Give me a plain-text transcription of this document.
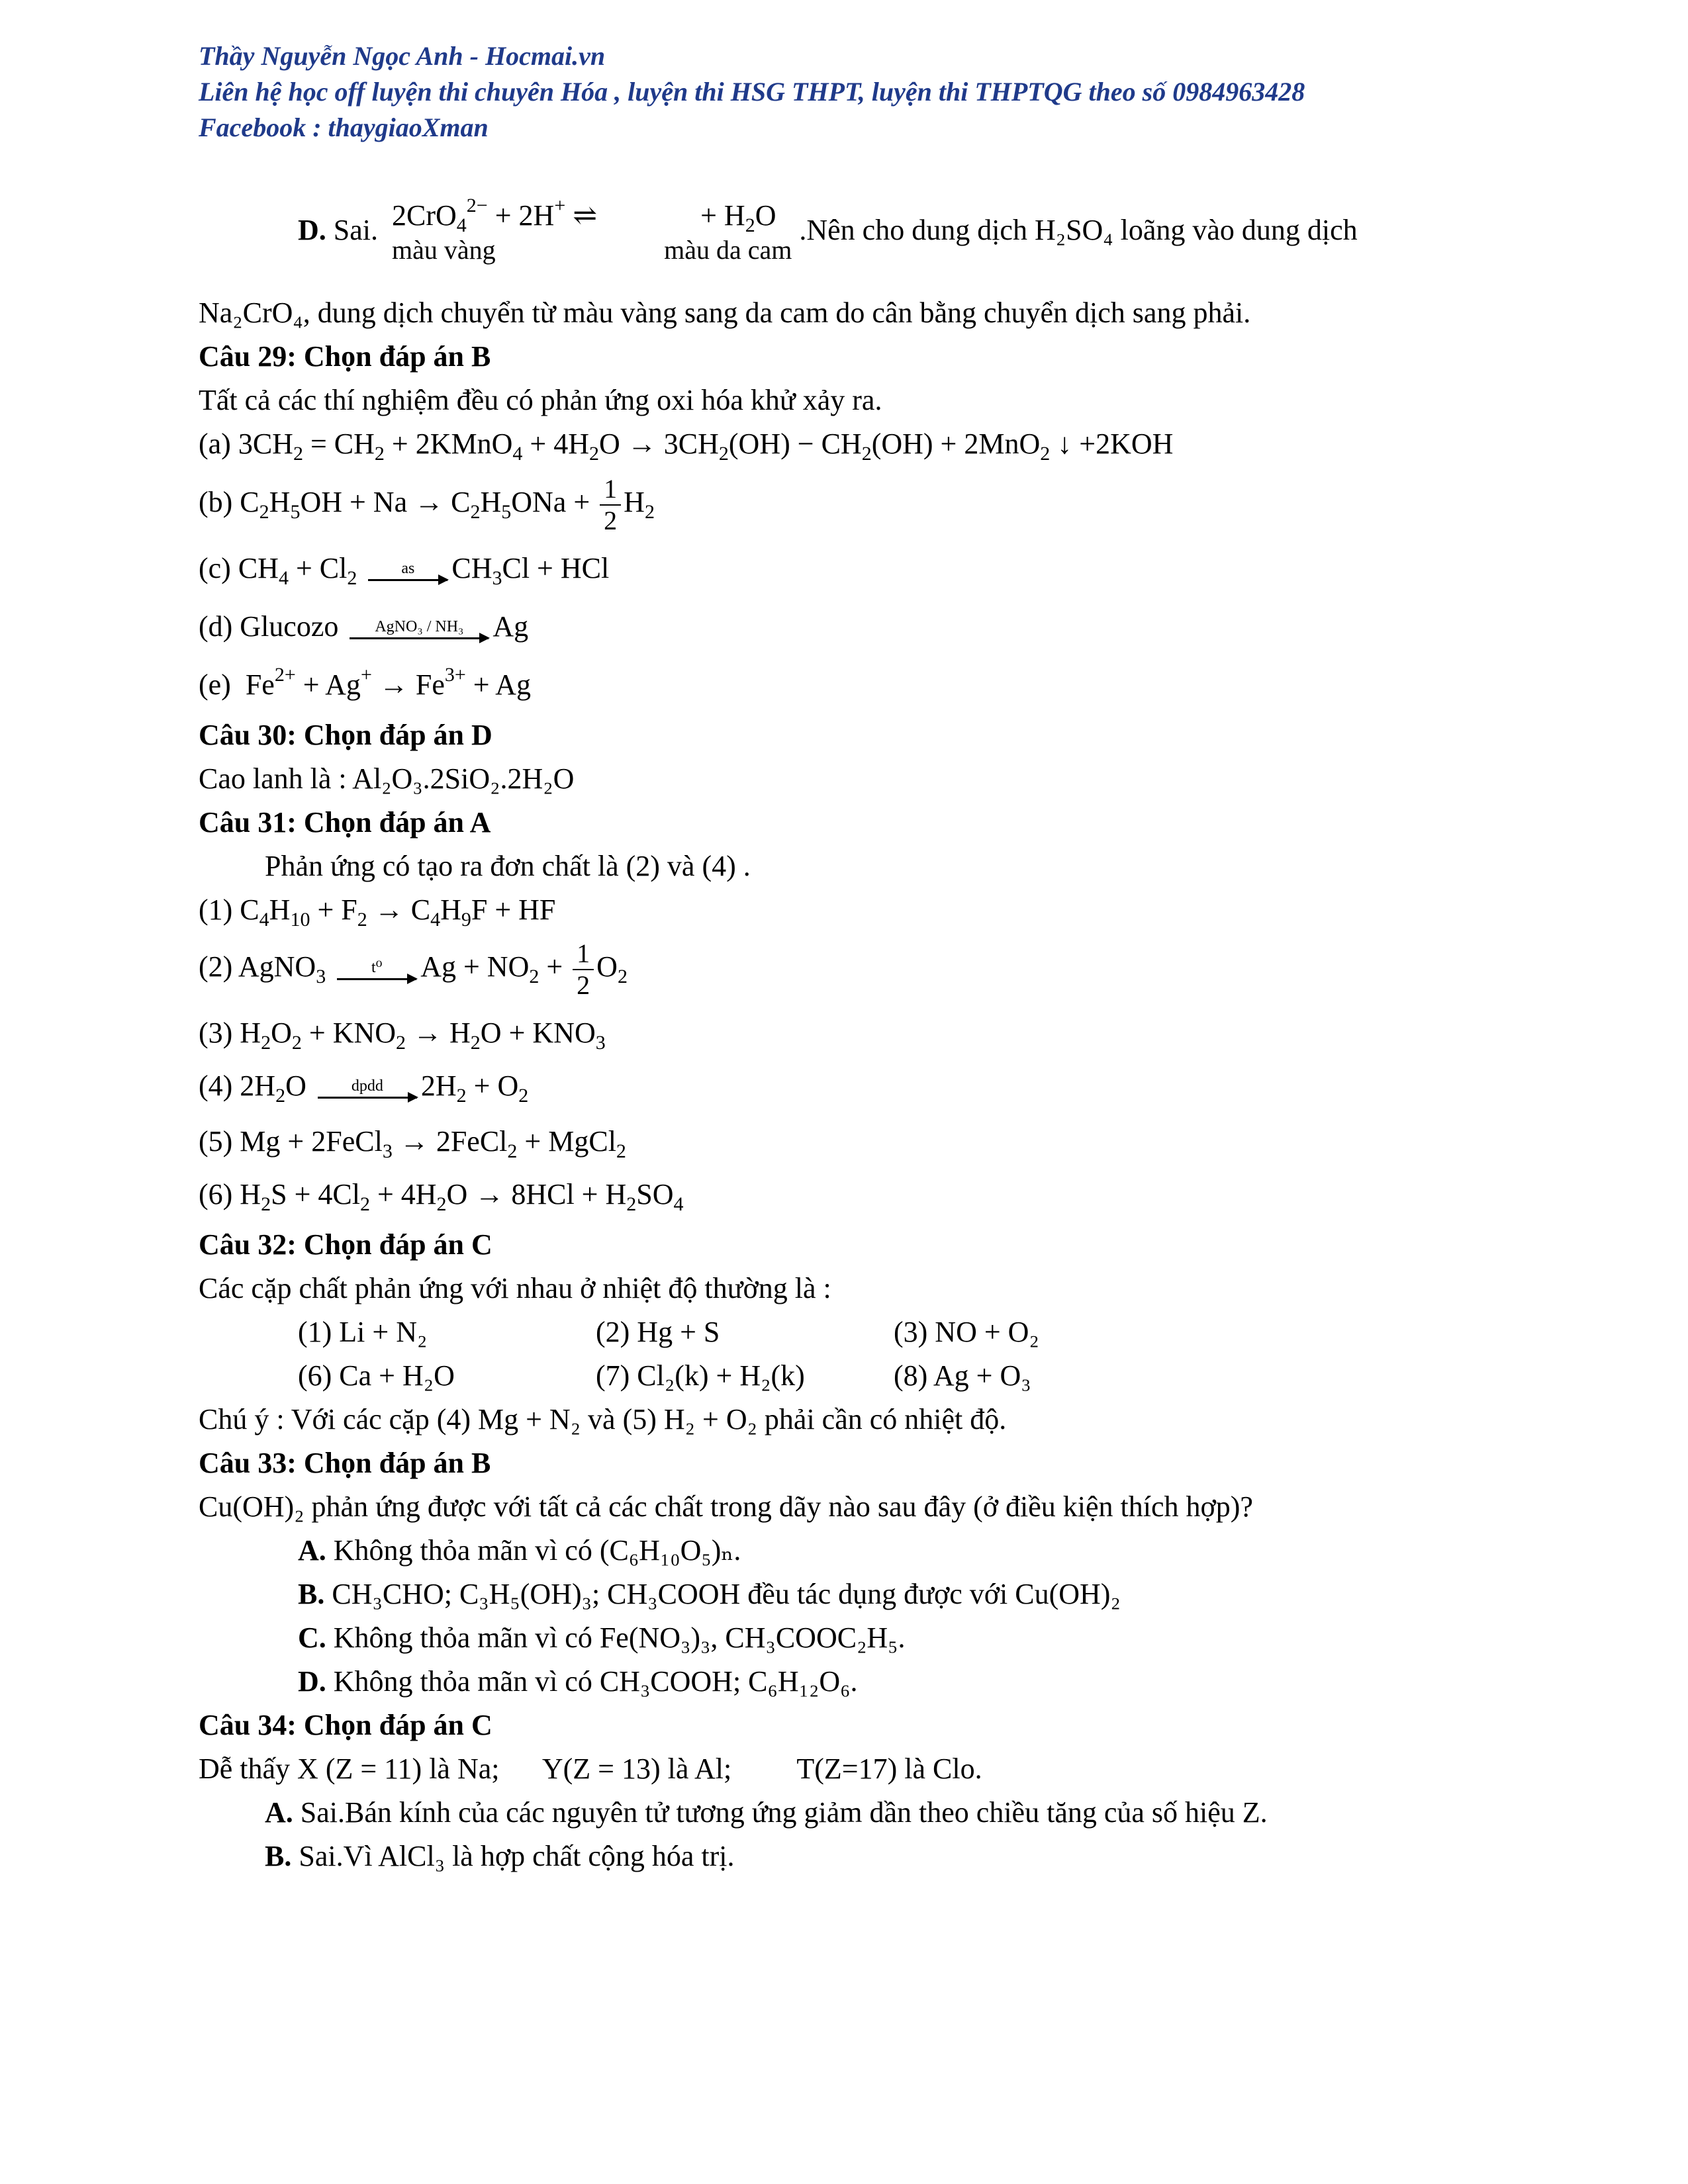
Thầy Nguyễn Ngọc Anh - Hocmai.vn
Liên hệ học off luyện thi chuyên Hóa , luyện thi HSG THPT, luyện thi THPTQG theo số 0984963428
Facebook : thaygiaoXman
D. Sai. 2CrO$_4^{2-}$ + 2H+ ⇌
màu vàng

+ $H_2O$
màu da cam
.Nên cho dung dịch H₂SO₄ loãng vào dung dịch
Na₂CrO₄, dung dịch chuyển từ màu vàng sang da cam do cân bằng chuyển dịch sang phải.
Câu 29: Chọn đáp án B
Tất cả các thí nghiệm đều có phản ứng oxi hóa khử xảy ra.
(a) $3CH_2 = CH_2$ + 2KMnO$_4$ + $4H_2O \to 3CH_2(OH) - CH_2(OH) + 2MnO_2$ ↓ +2KOH
(b) $C_2H_5OH + Na \to C_2H_5ONa + \frac{1}{2} H_2$
(c) $CH_4 + Cl_2$	as $CH_3Cl$ + HCl
(d) Glucozo AgNO₃ / NH₃ Ag
(e)  $Fe^{2+} + Ag^+ \to Fe^{3+} + Ag$
Câu 30: Chọn đáp án D
Cao lanh là : Al₂O₃.2SiO₂.2H₂O
Câu 31: Chọn đáp án A
Phản ứng có tạo ra đơn chất là (2) và (4) .
(1) $C_4H_{10} + F_2 \to C_4H_9F$ + HF
(2) AgNO$_3$	t⁰ $Ag + NO_2 + \frac{1}{2} O_2$
(3) $H_2O_2 + KNO_2 \to H_2O + KNO_3$
(4) $2H_2O$ dpdd $2H_2 + O_2$
(5) Mg + 2FeCl$_3$ → 2FeCl$_2$ + MgCl$_2$
(6) $H_2S + 4Cl_2 + 4H_2O \to 8HCl + H_2SO_4$
Câu 32: Chọn đáp án C
Các cặp chất phản ứng với nhau ở nhiệt độ thường là :
(1) Li + N₂	(2) Hg + S	(3) NO + O₂
(6) Ca + H₂O	(7) Cl₂(k) + H₂(k)	(8) Ag + O₃
Chú ý : Với các cặp (4) Mg + N₂ và (5) H₂ + O₂ phải cần có nhiệt độ.
Câu 33: Chọn đáp án B
Cu(OH)₂ phản ứng được với tất cả các chất trong dãy nào sau đây (ở điều kiện thích hợp)?
A. Không thỏa mãn vì có (C₆H₁₀O₅)ₙ.
B. CH₃CHO; C₃H₅(OH)₃; CH₃COOH đều tác dụng được với Cu(OH)₂
C. Không thỏa mãn vì có Fe(NO₃)₃, CH₃COOC₂H₅.
D. Không thỏa mãn vì có CH₃COOH; C₆H₁₂O₆.
Câu 34: Chọn đáp án C
Dễ thấy X (Z = 11) là Na;      Y(Z = 13) là Al;         T(Z=17) là Clo.
A. Sai.Bán kính của các nguyên tử tương ứng giảm dần theo chiều tăng của số hiệu Z.
B. Sai.Vì AlCl₃ là hợp chất cộng hóa trị.
